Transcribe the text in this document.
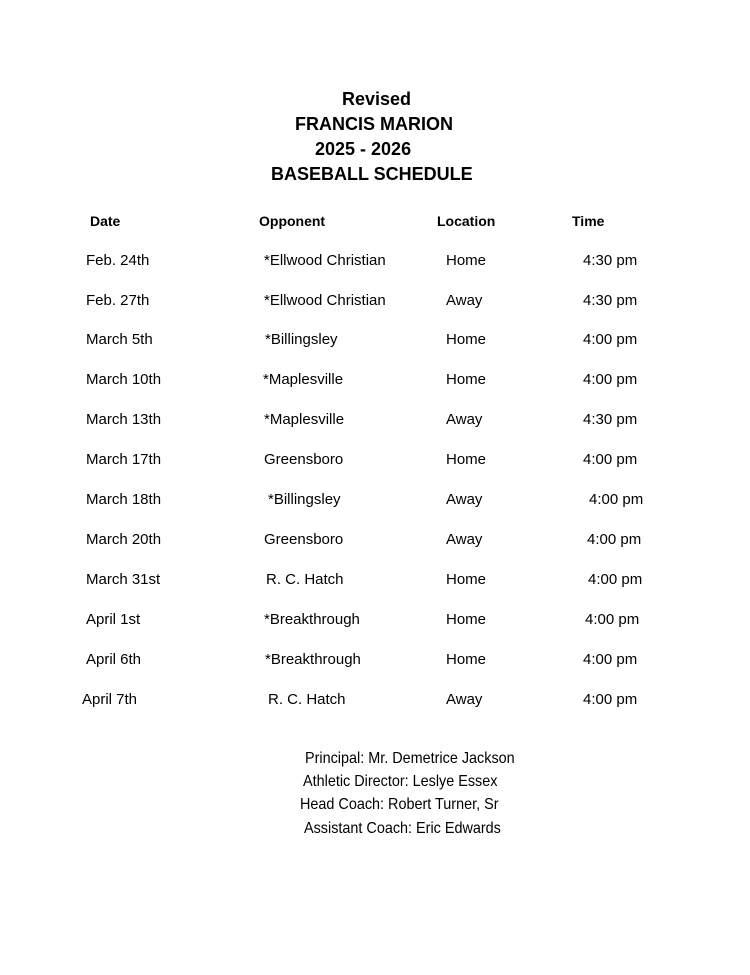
Revised
FRANCIS MARION
2025 - 2026
BASEBALL SCHEDULE
Date	Opponent	Location	Time
Feb. 24th	*Ellwood Christian	Home	4:30 pm
Feb. 27th	*Ellwood Christian	Away	4:30 pm
March 5th	*Billingsley	Home	4:00 pm
March 10th	*Maplesville	Home	4:00 pm
March 13th	*Maplesville	Away	4:30 pm
March 17th	Greensboro	Home	4:00 pm
March 18th	*Billingsley	Away	4:00 pm
March 20th	Greensboro	Away	4:00 pm
March 31st	R. C. Hatch	Home	4:00 pm
April 1st	*Breakthrough	Home	4:00 pm
April 6th	*Breakthrough	Home	4:00 pm
April 7th	R. C. Hatch	Away	4:00 pm
Principal: Mr. Demetrice Jackson
Athletic Director: Leslye Essex
Head Coach: Robert Turner, Sr
Assistant Coach: Eric Edwards
